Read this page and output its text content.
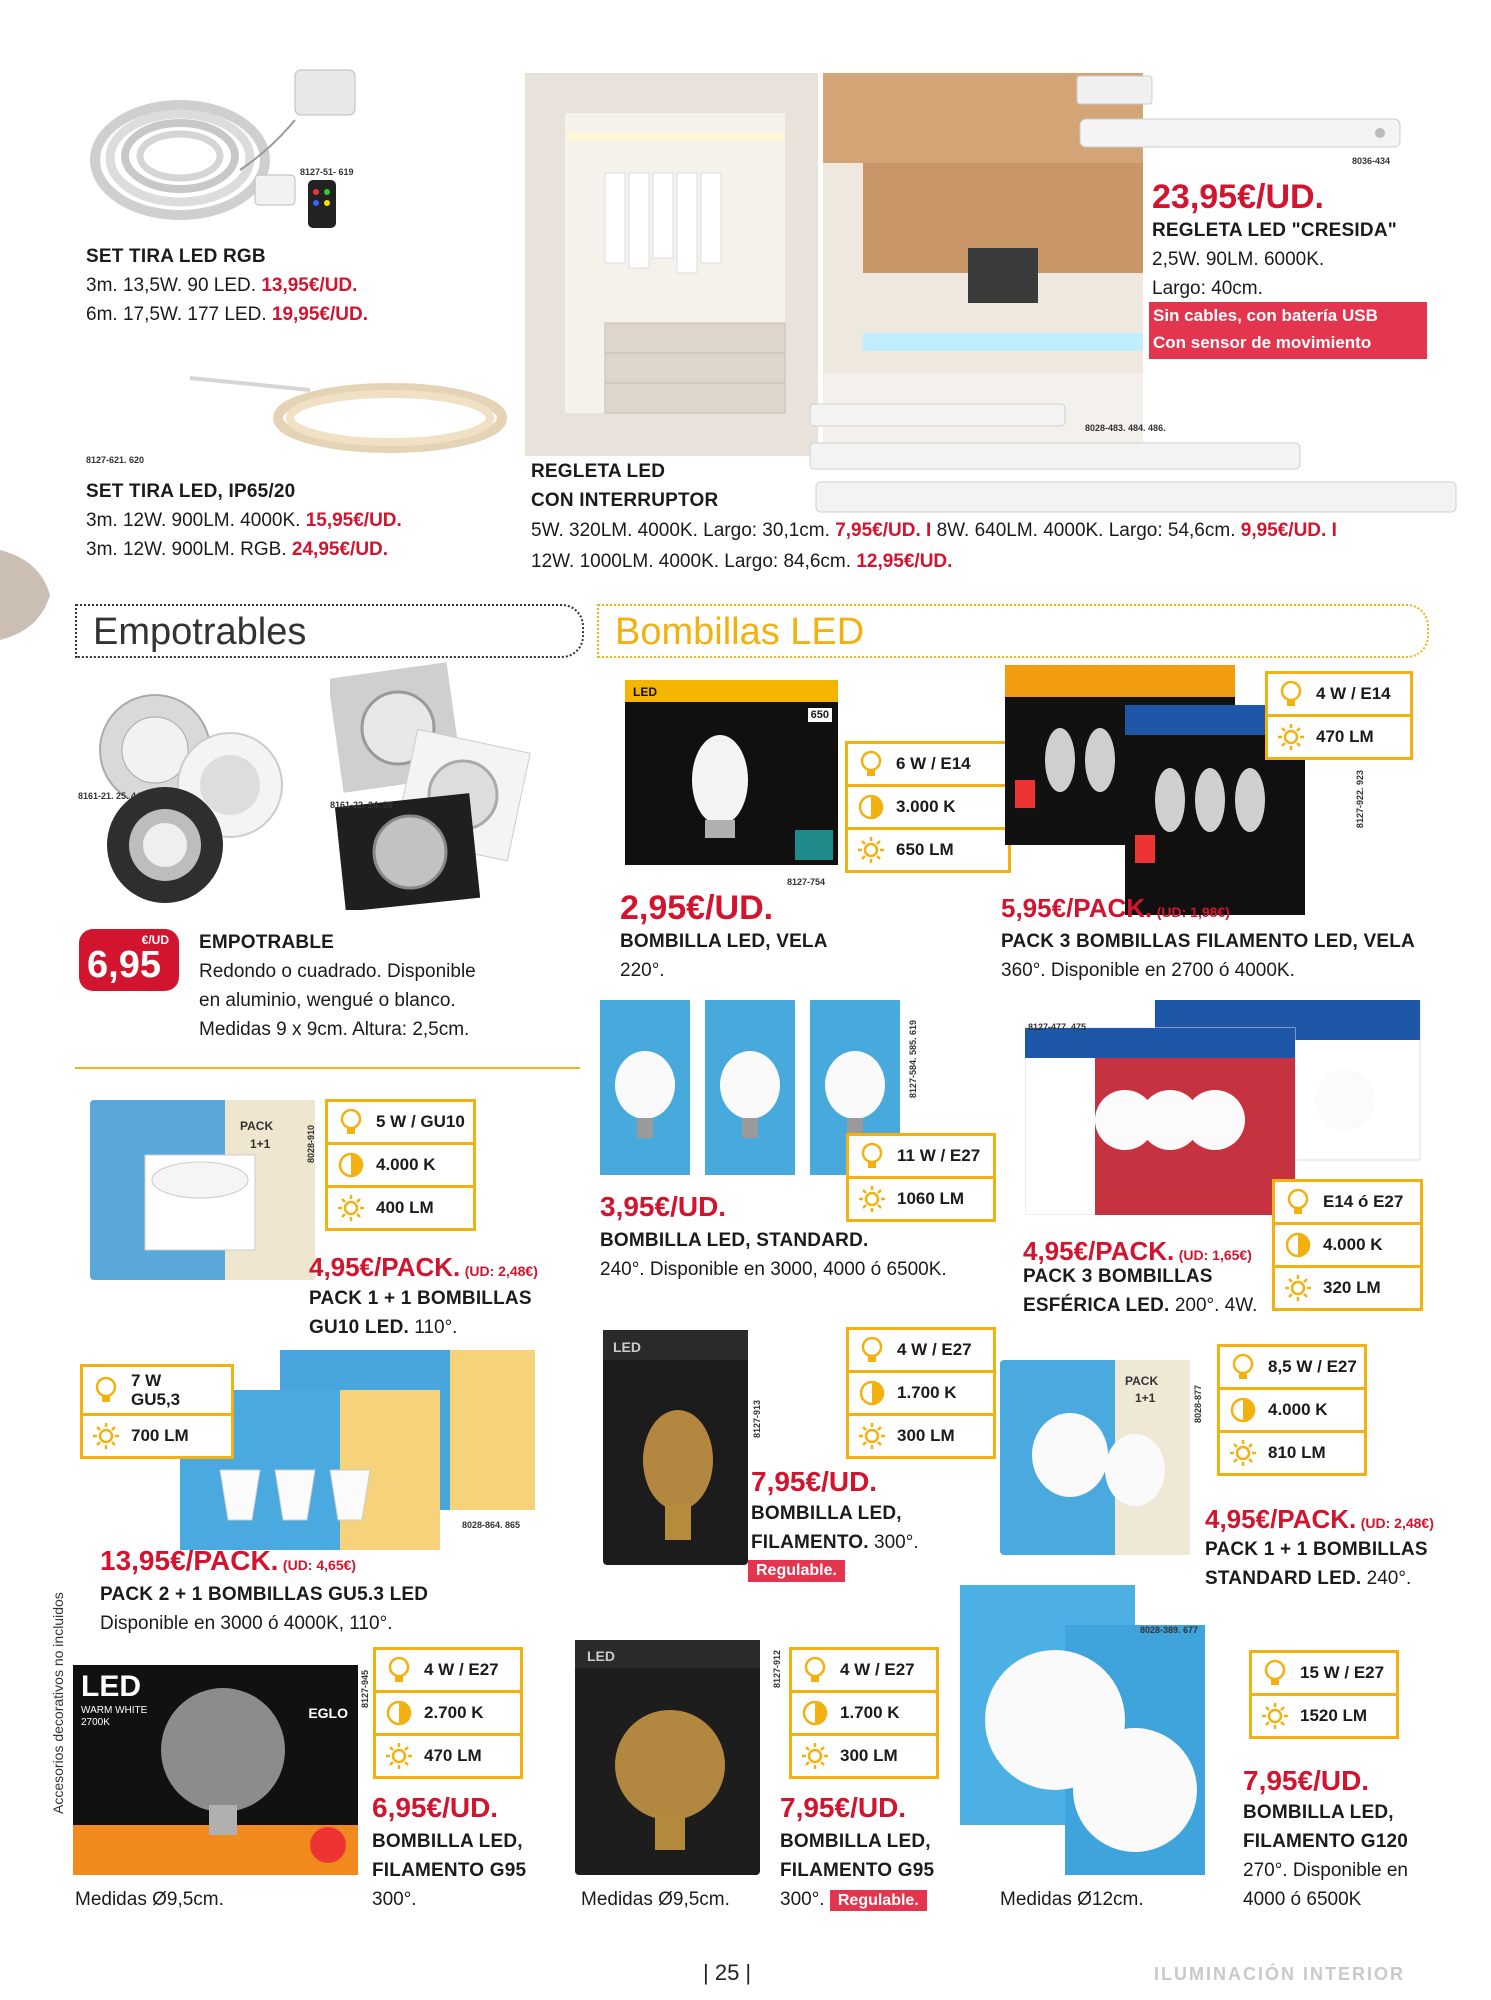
8127-51- 619
SET TIRA LED RGB
3m. 13,5W. 90 LED. 13,95€/UD.
6m. 17,5W. 177 LED. 19,95€/UD.
8127-621. 620
SET TIRA LED, IP65/20
3m. 12W. 900LM. 4000K. 15,95€/UD.
3m. 12W. 900LM. RGB. 24,95€/UD.
8036-434
23,95€/UD.
REGLETA LED "CRESIDA"
2,5W. 90LM. 6000K.
Largo: 40cm.
Sin cables, con batería USB
Con sensor de movimiento
8028-483. 484. 486.
REGLETA LED
CON INTERRUPTOR
5W. 320LM. 4000K. Largo: 30,1cm. 7,95€/UD. I 8W. 640LM. 4000K. Largo: 54,6cm. 9,95€/UD. I
12W. 1000LM. 4000K. Largo: 84,6cm. 12,95€/UD.
Empotrables	Bombillas LED
8161-21. 25. 44
8161-22. 24. 26
€/UD
6,95
EMPOTRABLE
Redondo o cuadrado. Disponible
en aluminio, wengué o blanco.
Medidas 9 x 9cm. Altura: 2,5cm.
LED
650
6 W / E14
3.000 K
650 LM
8127-754
2,95€/UD.
BOMBILLA LED, VELA
220°.
4 W / E14
470 LM
8127-922. 923
5,95€/PACK. (UD: 1,98€)
PACK 3 BOMBILLAS FILAMENTO LED, VELA
360°. Disponible en 2700 ó 4000K.
PACK
1+1	8028-910
5 W / GU10
4.000 K
400 LM
4,95€/PACK. (UD: 2,48€)
PACK 1 + 1 BOMBILLAS
GU10 LED. 110°.
8127-584. 585. 619
11 W / E27
1060 LM
3,95€/UD.
BOMBILLA LED, STANDARD.
240°. Disponible en 3000, 4000 ó 6500K.
8127-477. 475
E14 ó E27
4.000 K
320 LM
4,95€/PACK. (UD: 1,65€)
PACK 3 BOMBILLAS
ESFÉRICA LED. 200°. 4W.
7 W
GU5,3
700 LM
8028-864. 865
13,95€/PACK. (UD: 4,65€)
PACK 2 + 1 BOMBILLAS GU5.3 LED
Disponible en 3000 ó 4000K, 110°.
LED
8127-913
4 W / E27
1.700 K
300 LM
7,95€/UD.
BOMBILLA LED,
FILAMENTO. 300°.
Regulable.
PACK
1+1	8028-877
8,5 W / E27
4.000 K
810 LM
4,95€/PACK. (UD: 2,48€)
PACK 1 + 1 BOMBILLAS
STANDARD LED. 240°.
LED
WARM WHITE
2700K
EGLO
8127-945
4 W / E27
2.700 K
470 LM
6,95€/UD.
BOMBILLA LED,
FILAMENTO G95
300°.
Medidas Ø9,5cm.
LED	8127-912	4 W / E27
1.700 K
300 LM
7,95€/UD.
BOMBILLA LED,
FILAMENTO G95
300°. Regulable.
Medidas Ø9,5cm.
8028-389. 677
15 W / E27
1520 LM
7,95€/UD.
BOMBILLA LED,
FILAMENTO G120
270°. Disponible en
4000 ó 6500K
Medidas Ø12cm.
Accesorios decorativos no incluidos
| 25 |	ILUMINACIÓN INTERIOR
